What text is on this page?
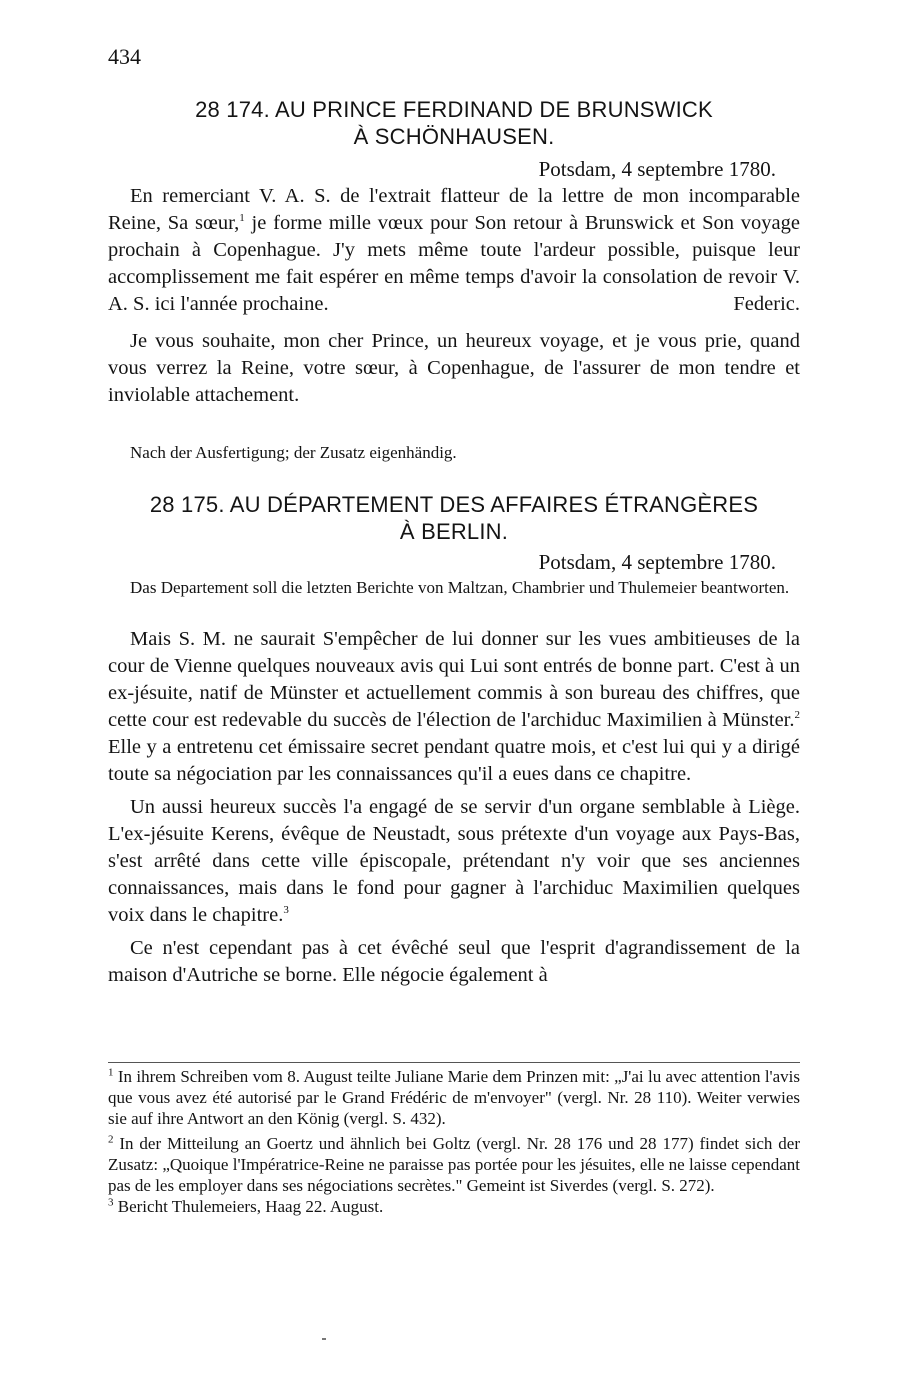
434
28 174. AU PRINCE FERDINAND DE BRUNSWICK
À SCHÖNHAUSEN.
Potsdam, 4 septembre 1780.

En remerciant V. A. S. de l'extrait flatteur de la lettre de mon incomparable Reine, Sa sœur,$^1$ je forme mille vœux pour Son retour à Brunswick et Son voyage prochain à Copenhague. J'y mets même toute l'ardeur possible, puisque leur accomplissement me fait espérer en même temps d'avoir la consolation de revoir V. A. S. ici l'année prochaine.	Federic.

Je vous souhaite, mon cher Prince, un heureux voyage, et je vous prie, quand vous verrez la Reine, votre sœur, à Copenhague, de l'assurer de mon tendre et inviolable attachement.

Nach der Ausfertigung; der Zusatz eigenhändig.
28 175. AU DÉPARTEMENT DES AFFAIRES ÉTRANGÈRES
À BERLIN.
Potsdam, 4 septembre 1780.
Das Departement soll die letzten Berichte von Maltzan, Chambrier und Thulemeier beantworten.

Mais S. M. ne saurait S'empêcher de lui donner sur les vues ambitieuses de la cour de Vienne quelques nouveaux avis qui Lui sont entrés de bonne part. C'est à un ex-jésuite, natif de Münster et actuellement commis à son bureau des chiffres, que cette cour est redevable du succès de l'élection de l'archiduc Maximilien à Münster.$^2$ Elle y a entretenu cet émissaire secret pendant quatre mois, et c'est lui qui y a dirigé toute sa négociation par les connaissances qu'il a eues dans ce chapitre.

Un aussi heureux succès l'a engagé de se servir d'un organe semblable à Liège. L'ex-jésuite Kerens, évêque de Neustadt, sous prétexte d'un voyage aux Pays-Bas, s'est arrêté dans cette ville épiscopale, prétendant n'y voir que ses anciennes connaissances, mais dans le fond pour gagner à l'archiduc Maximilien quelques voix dans le chapitre.$^3$

Ce n'est cependant pas à cet évêché seul que l'esprit d'agrandissement de la maison d'Autriche se borne. Elle négocie également à

$^1$ In ihrem Schreiben vom 8. August teilte Juliane Marie dem Prinzen mit: „J'ai lu avec attention l'avis que vous avez été autorisé par le Grand Frédéric de m'envoyer" (vergl. Nr. 28 110). Weiter verwies sie auf ihre Antwort an den König (vergl. S. 432).

$^2$ In der Mitteilung an Goertz und ähnlich bei Goltz (vergl. Nr. 28 176 und 28 177) findet sich der Zusatz: „Quoique l'Impératrice-Reine ne paraisse pas portée pour les jésuites, elle ne laisse cependant pas de les employer dans ses négociations secrètes." Gemeint ist Siverdes (vergl. S. 272).

$^3$ Bericht Thulemeiers, Haag 22. August.
